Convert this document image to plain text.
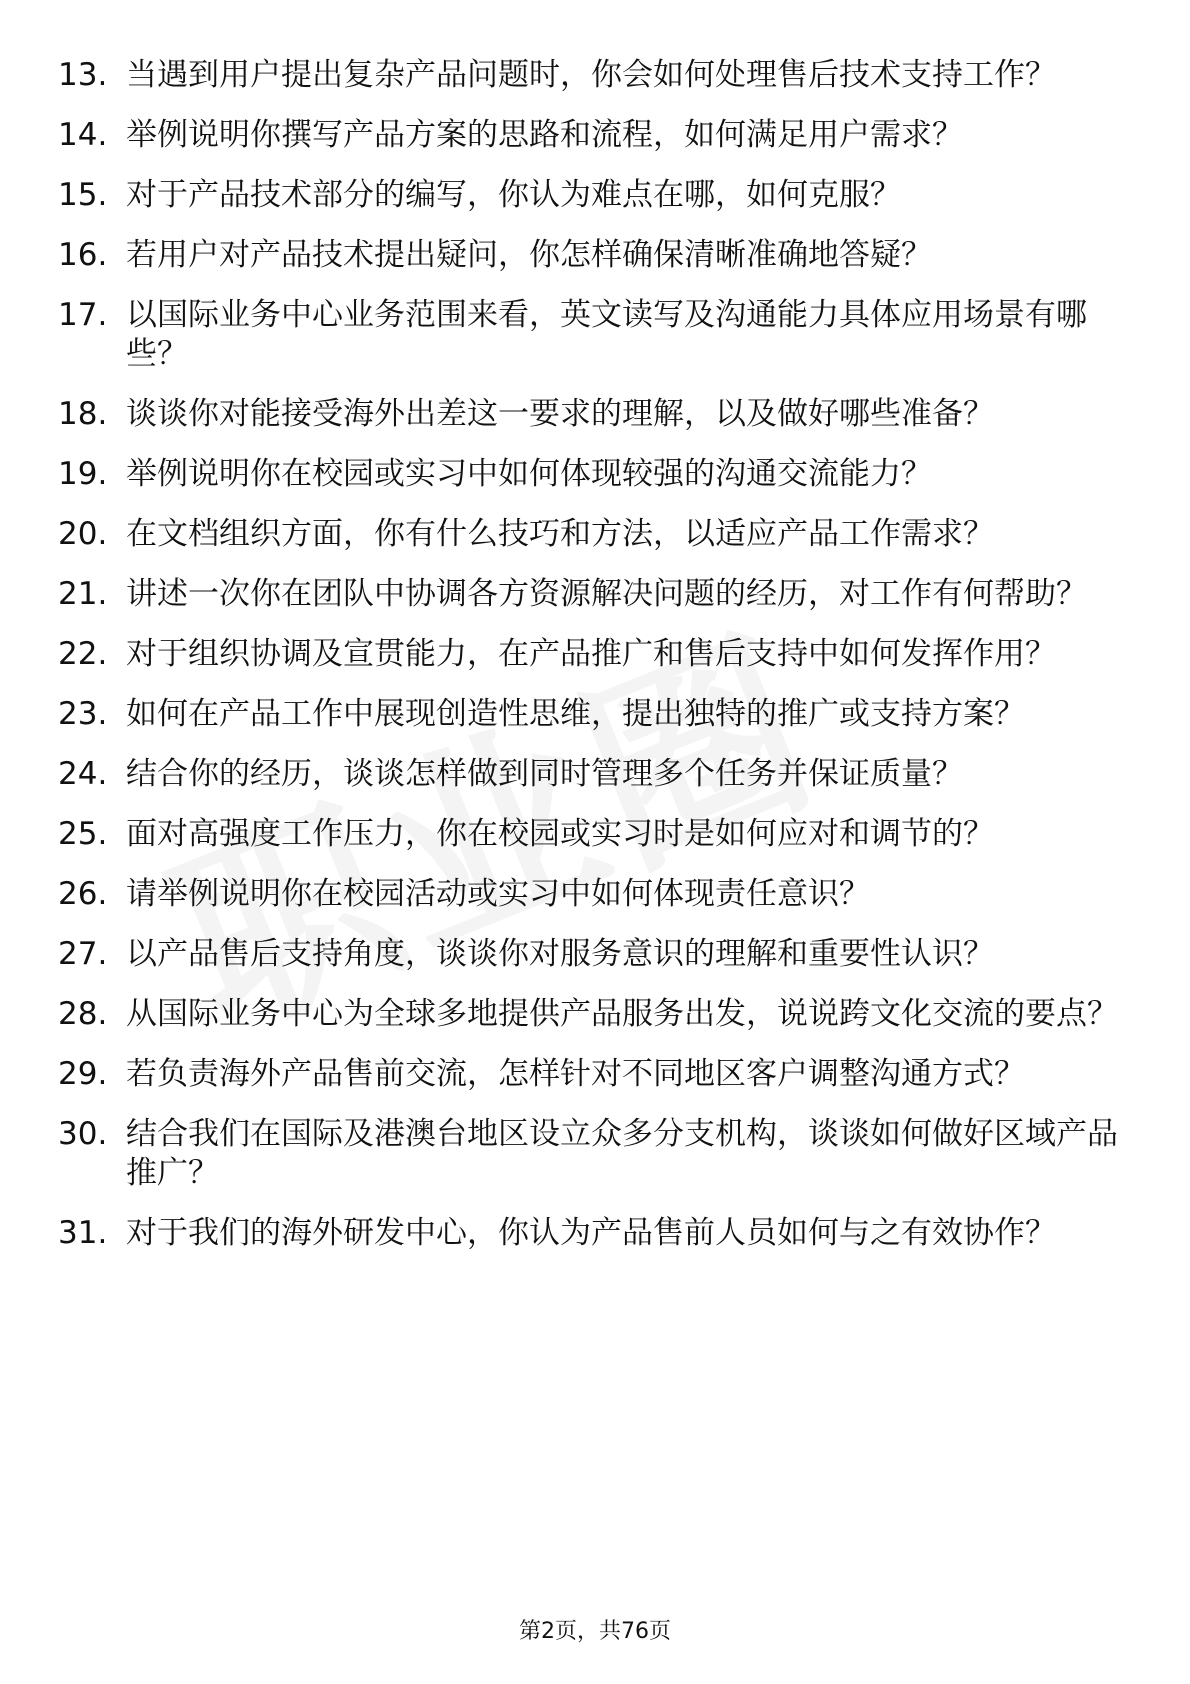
13. 当遇到用户提出复杂产品问题时，你会如何处理售后技术支持工作？
14. 举例说明你撰写产品方案的思路和流程，如何满足用户需求？
15. 对于产品技术部分的编写，你认为难点在哪，如何克服？
16. 若用户对产品技术提出疑问，你怎样确保清晰准确地答疑？
17. 以国际业务中心业务范围来看，英文读写及沟通能力具体应用场景有哪些？
18. 谈谈你对能接受海外出差这一要求的理解，以及做好哪些准备？
19. 举例说明你在校园或实习中如何体现较强的沟通交流能力？
20. 在文档组织方面，你有什么技巧和方法，以适应产品工作需求？
21. 讲述一次你在团队中协调各方资源解决问题的经历，对工作有何帮助？
22. 对于组织协调及宣贯能力，在产品推广和售后支持中如何发挥作用？
23. 如何在产品工作中展现创造性思维，提出独特的推广或支持方案？
24. 结合你的经历，谈谈怎样做到同时管理多个任务并保证质量？
25. 面对高强度工作压力，你在校园或实习时是如何应对和调节的？
26. 请举例说明你在校园活动或实习中如何体现责任意识？
27. 以产品售后支持角度，谈谈你对服务意识的理解和重要性认识？
28. 从国际业务中心为全球多地提供产品服务出发，说说跨文化交流的要点？
29. 若负责海外产品售前交流，怎样针对不同地区客户调整沟通方式？
30. 结合我们在国际及港澳台地区设立众多分支机构，谈谈如何做好区域产品推广？
31. 对于我们的海外研发中心，你认为产品售前人员如何与之有效协作？
第2页，共76页
